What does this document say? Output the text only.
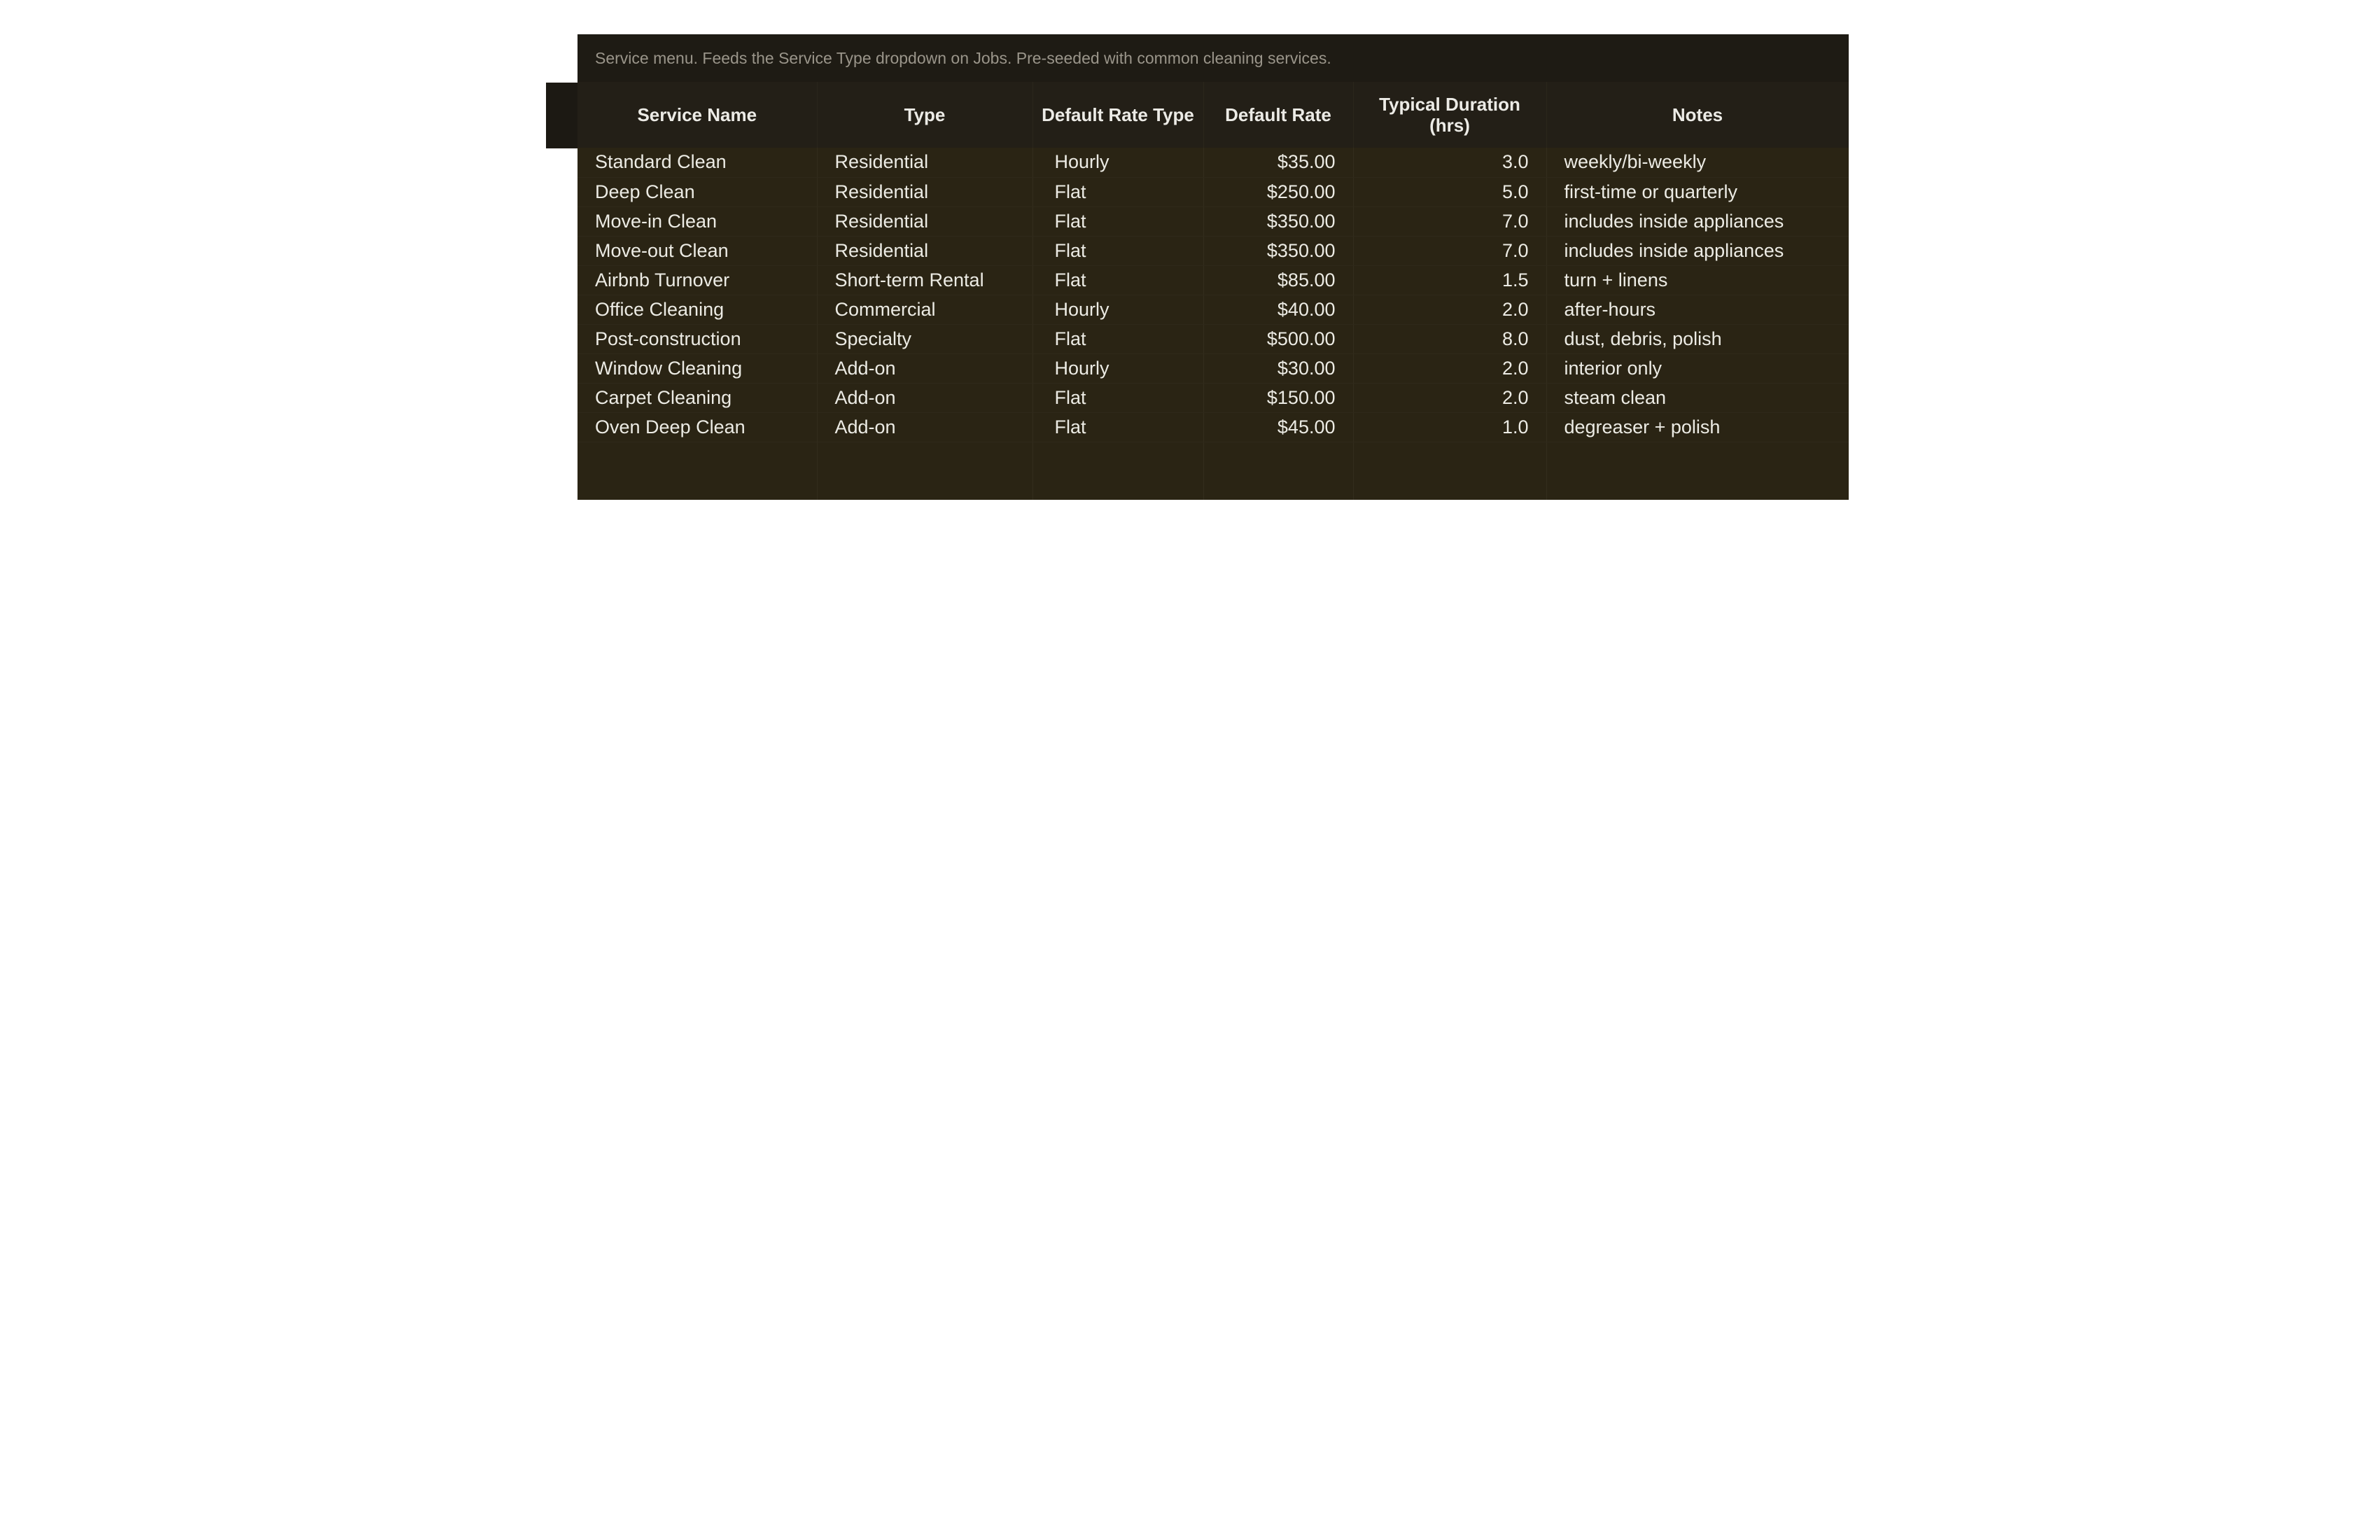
Service menu. Feeds the Service Type dropdown on Jobs. Pre-seeded with common cleaning services.
Service Name	Type	Default Rate Type	Default Rate	Typical Duration (hrs)	Notes
Standard Clean	Residential	Hourly	$35.00	3.0	weekly/bi-weekly
Deep Clean	Residential	Flat	$250.00	5.0	first-time or quarterly
Move-in Clean	Residential	Flat	$350.00	7.0	includes inside appliances
Move-out Clean	Residential	Flat	$350.00	7.0	includes inside appliances
Airbnb Turnover	Short-term Rental	Flat	$85.00	1.5	turn + linens
Office Cleaning	Commercial	Hourly	$40.00	2.0	after-hours
Post-construction	Specialty	Flat	$500.00	8.0	dust, debris, polish
Window Cleaning	Add-on	Hourly	$30.00	2.0	interior only
Carpet Cleaning	Add-on	Flat	$150.00	2.0	steam clean
Oven Deep Clean	Add-on	Flat	$45.00	1.0	degreaser + polish
